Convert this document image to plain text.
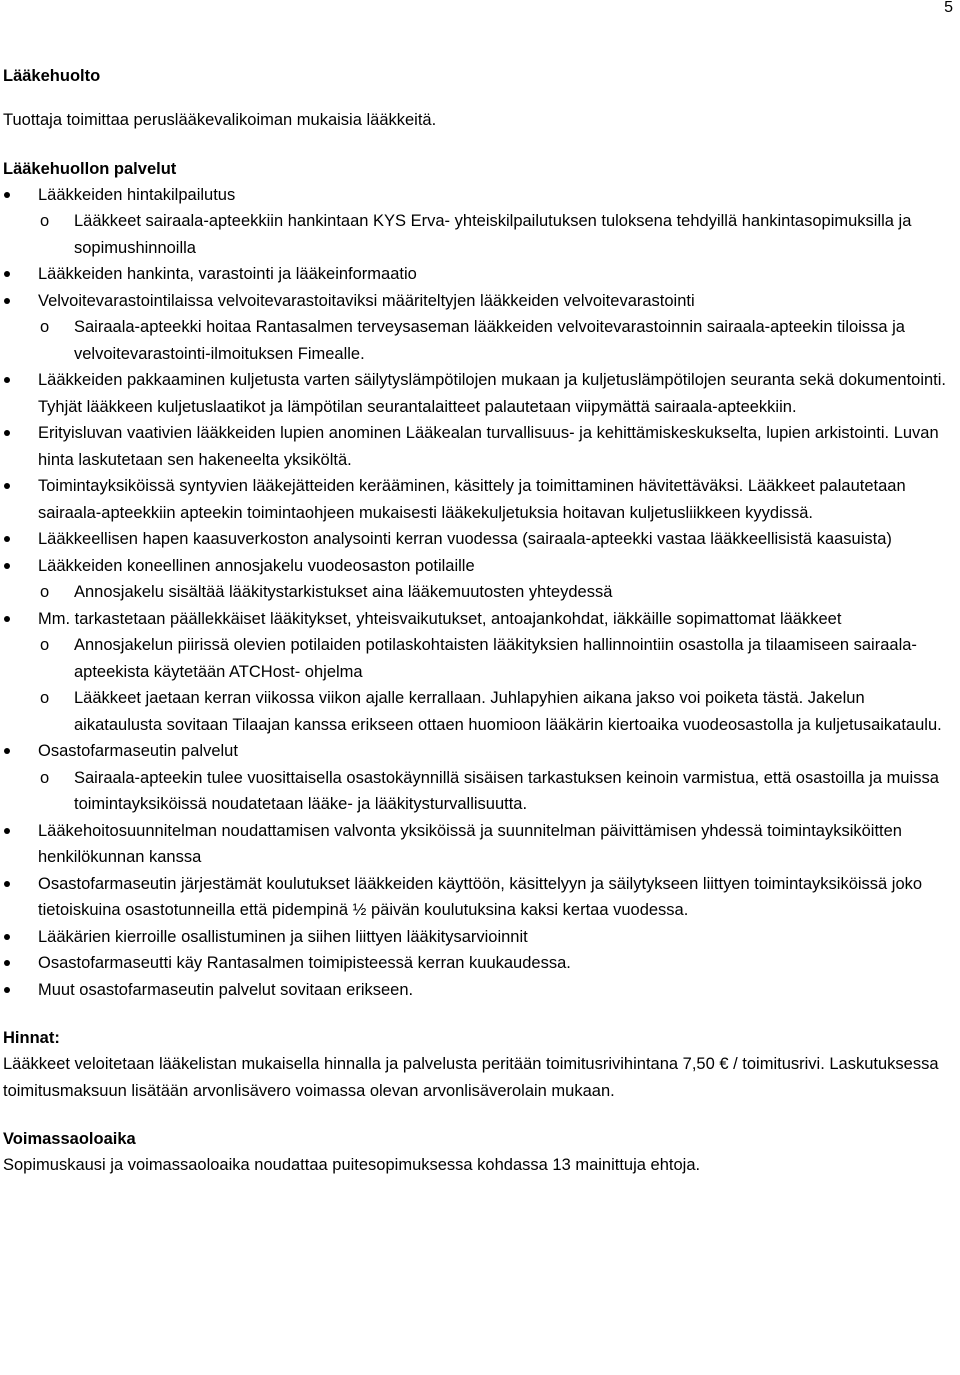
5
Lääkehuolto
Tuottaja toimittaa peruslääkevalikoiman mukaisia lääkkeitä.
Lääkehuollon palvelut
Lääkkeiden hintakilpailutus
o Lääkkeet sairaala-apteekkiin hankintaan KYS Erva- yhteiskilpailutuksen tuloksena tehdyillä hankintasopimuksilla ja sopimushinnoilla
Lääkkeiden hankinta, varastointi ja lääkeinformaatio
Velvoitevarastointilaissa velvoitevarastoitaviksi määriteltyjen lääkkeiden velvoitevarastointi
o Sairaala-apteekki hoitaa Rantasalmen terveysaseman lääkkeiden velvoitevarastoinnin sairaala-apteekin tiloissa ja velvoitevarastointi-ilmoituksen Fimealle.
Lääkkeiden pakkaaminen kuljetusta varten säilytyslämpötilojen mukaan ja kuljetuslämpötilojen seuranta sekä dokumentointi. Tyhjät lääkkeen kuljetuslaatikot ja lämpötilan seurantalaitteet palautetaan viipymättä sairaala-apteekkiin.
Erityisluvan vaativien lääkkeiden lupien anominen Lääkealan turvallisuus- ja kehittämiskeskukselta, lupien arkistointi. Luvan hinta laskutetaan sen hakeneelta yksiköltä.
Toimintayksiköissä syntyvien lääkejätteiden kerääminen, käsittely ja toimittaminen hävitettäväksi. Lääkkeet palautetaan sairaala-apteekkiin apteekin toimintaohjeen mukaisesti lääkekuljetuksia hoitavan kuljetusliikkeen kyydissä.
Lääkkeellisen hapen kaasuverkoston analysointi kerran vuodessa (sairaala-apteekki vastaa lääkkeellisistä kaasuista)
Lääkkeiden koneellinen annosjakelu vuodeosaston potilaille
o Annosjakelu sisältää lääkitystarkistukset aina lääkemuutosten yhteydessä
Mm. tarkastetaan päällekkäiset lääkitykset, yhteisvaikutukset, antoajankohdat, iäkkäille sopimattomat lääkkeet
o Annosjakelun piirissä olevien potilaiden potilaskohtaisten lääkityksien hallinnointiin osastolla ja tilaamiseen sairaala-apteekista käytetään ATCHost- ohjelma
o Lääkkeet jaetaan kerran viikossa viikon ajalle kerrallaan. Juhlapyhien aikana jakso voi poiketa tästä. Jakelun aikataulusta sovitaan Tilaajan kanssa erikseen ottaen huomioon lääkärin kiertoaika vuodeosastolla ja kuljetusaikataulu.
Osastofarmaseutin palvelut
o Sairaala-apteekin tulee vuosittaisella osastokäynnillä sisäisen tarkastuksen keinoin varmistua, että osastoilla ja muissa toimintayksiköissä noudatetaan lääke- ja lääkitysturvallisuutta.
Lääkehoitosuunnitelman noudattamisen valvonta yksiköissä ja suunnitelman päivittämisen yhdessä toimintayksiköitten henkilökunnan kanssa
Osastofarmaseutin järjestämät koulutukset lääkkeiden käyttöön, käsittelyyn ja säilytykseen liittyen toimintayksiköissä joko tietoiskuina osastotunneilla että pidempinä ½ päivän koulutuksina kaksi kertaa vuodessa.
Lääkärien kierroille osallistuminen ja siihen liittyen lääkitysarvioinnit
Osastofarmaseutti käy Rantasalmen toimipisteessä kerran kuukaudessa.
Muut osastofarmaseutin palvelut sovitaan erikseen.
Hinnat:
Lääkkeet veloitetaan lääkelistan mukaisella hinnalla ja palvelusta peritään toimitusrivihintana 7,50 € / toimitusrivi. Laskutuksessa toimitusmaksuun lisätään arvonlisävero voimassa olevan arvonlisäverolain mukaan.
Voimassaoloaika
Sopimuskausi ja voimassaoloaika noudattaa puitesopimuksessa kohdassa 13 mainittuja ehtoja.
